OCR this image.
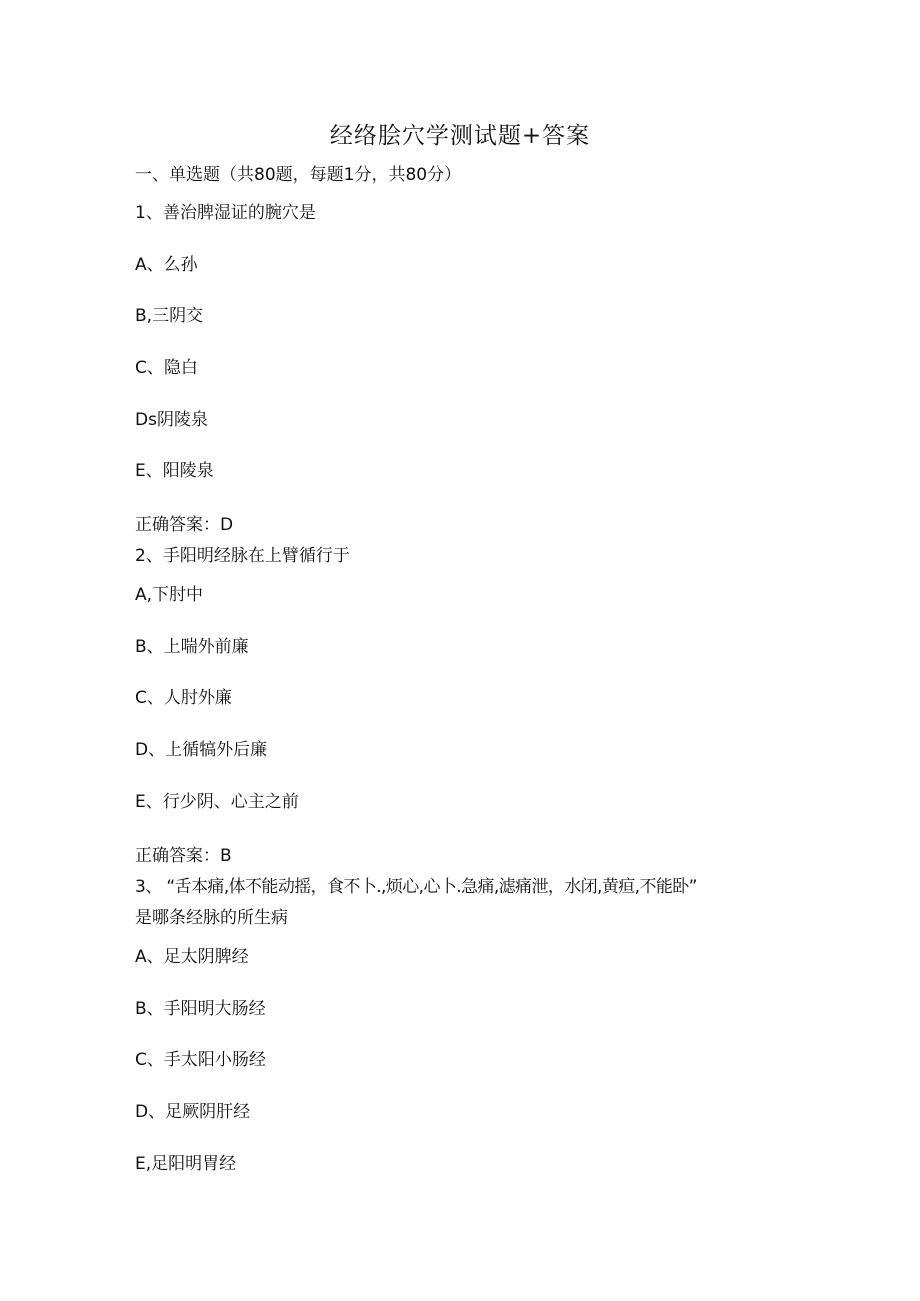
经络脍穴学测试题+答案
一、单选题（共80题，每题1分，共80分）
1、善治脾湿证的腕穴是
A、么孙
B,三阴交
C、隐白
Ds阴陵泉
E、阳陵泉
正确答案：D
2、手阳明经脉在上臂循行于
A,下肘中
B、上喘外前廉
C、人肘外廉
D、上循犒外后廉
E、行少阴、心主之前
正确答案：B
3、 “舌本痛,体不能动摇，食不卜.,烦心,心卜.急痛,滤痛泄，水闭,黄疸,不能卧”
是哪条经脉的所生病
A、足太阴脾经
B、手阳明大肠经
C、手太阳小肠经
D、足厥阴肝经
E,足阳明胃经
